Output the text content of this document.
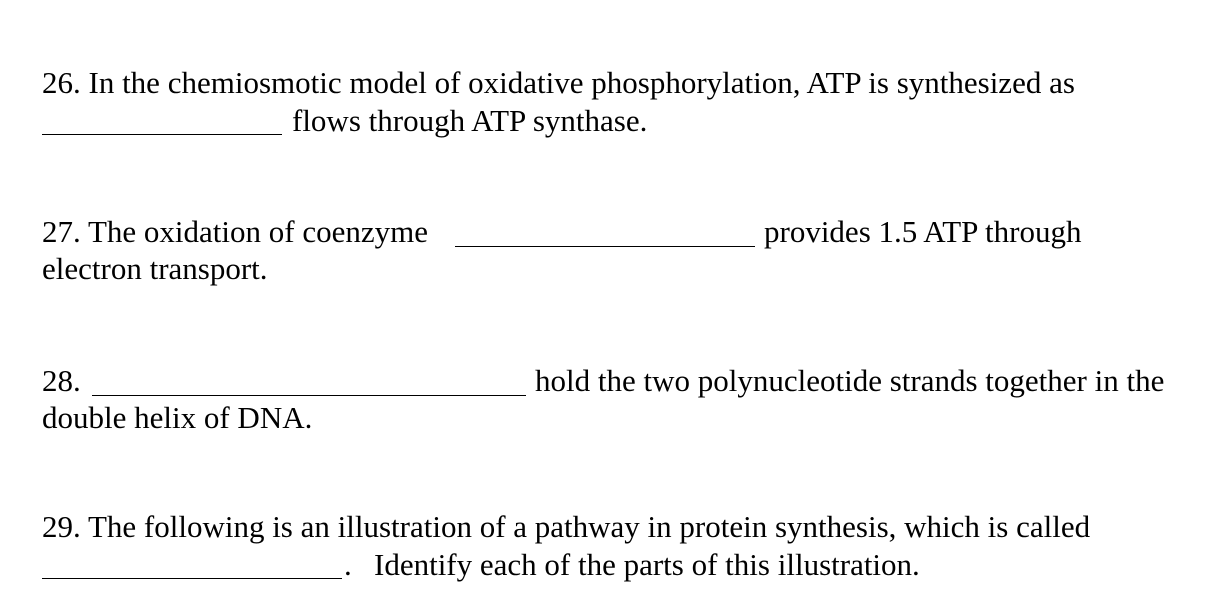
26. In the chemiosmotic model of oxidative phosphorylation, ATP is synthesized as
flows through ATP synthase.
27. The oxidation of coenzyme	provides 1.5 ATP through
electron transport.
28.	hold the two polynucleotide strands together in the
double helix of DNA.
29. The following is an illustration of a pathway in protein synthesis, which is called
. Identify each of the parts of this illustration.
